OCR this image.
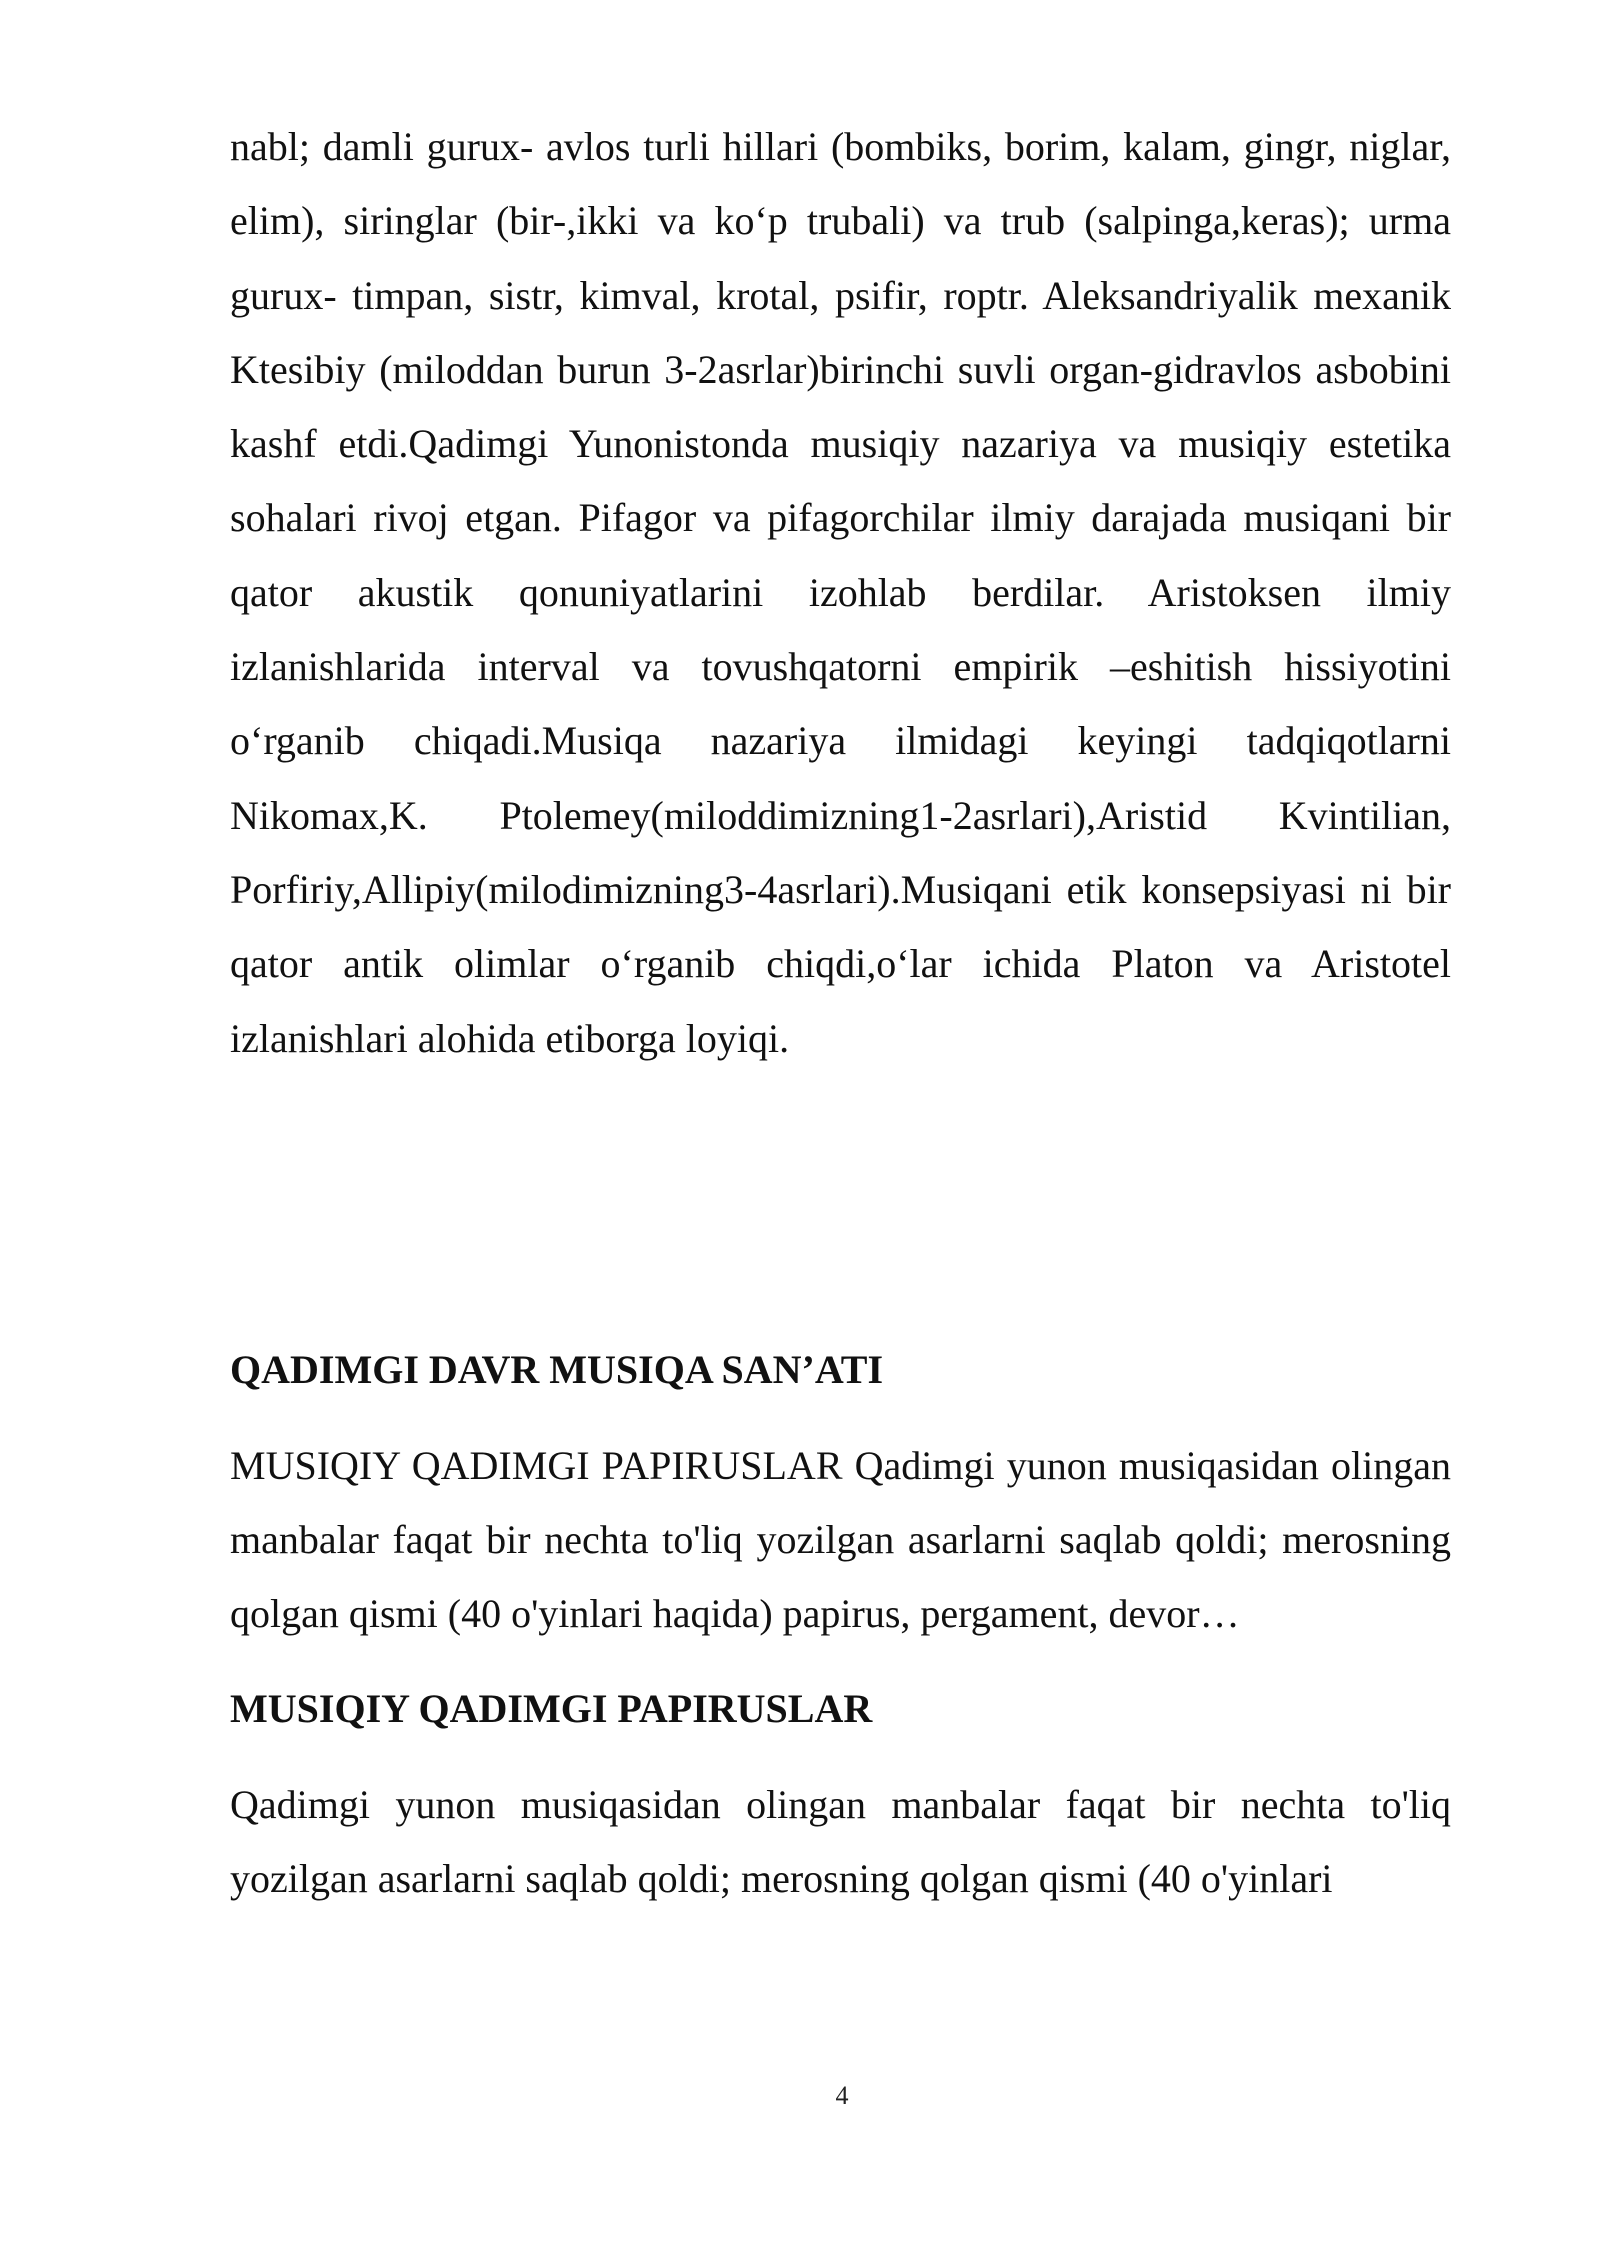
nabl; damli gurux- avlos turli hillari (bombiks, borim, kalam, gingr, niglar, elim), siringlar (bir-,ikki va ko‘p trubali) va trub (salpinga,keras); urma gurux- timpan, sistr, kimval, krotal, psifir, roptr. Aleksandriyalik mexanik Ktesibiy (miloddan burun 3-2asrlar)birinchi suvli organ-gidravlos asbobini kashf etdi.Qadimgi Yunonistonda musiqiy nazariya va musiqiy estetika sohalari rivoj etgan. Pifagor va pifagorchilar ilmiy darajada musiqani bir qator akustik qonuniyatlarini izohlab berdilar. Aristoksen ilmiy izlanishlarida interval va tovushqatorni empirik –eshitish hissiyotini o‘rganib chiqadi.Musiqa nazariya ilmidagi keyingi tadqiqotlarni Nikomax,K. Ptolemey(miloddimizning1-2asrlari),Aristid Kvintilian, Porfiriy,Allipiy(milodimizning3-4asrlari).Musiqani etik konsepsiyasi ni bir qator antik olimlar o‘rganib chiqdi,o‘lar ichida Platon va Aristotel izlanishlari alohida etiborga loyiqi.

QADIMGI DAVR MUSIQA SAN’ATI

MUSIQIY QADIMGI PAPIRUSLAR Qadimgi yunon musiqasidan olingan manbalar faqat bir nechta to'liq yozilgan asarlarni saqlab qoldi; merosning qolgan qismi (40 o'yinlari haqida) papirus, pergament, devor…

MUSIQIY QADIMGI PAPIRUSLAR

Qadimgi yunon musiqasidan olingan manbalar faqat bir nechta to'liq yozilgan asarlarni saqlab qoldi; merosning qolgan qismi (40 o'yinlari

4
